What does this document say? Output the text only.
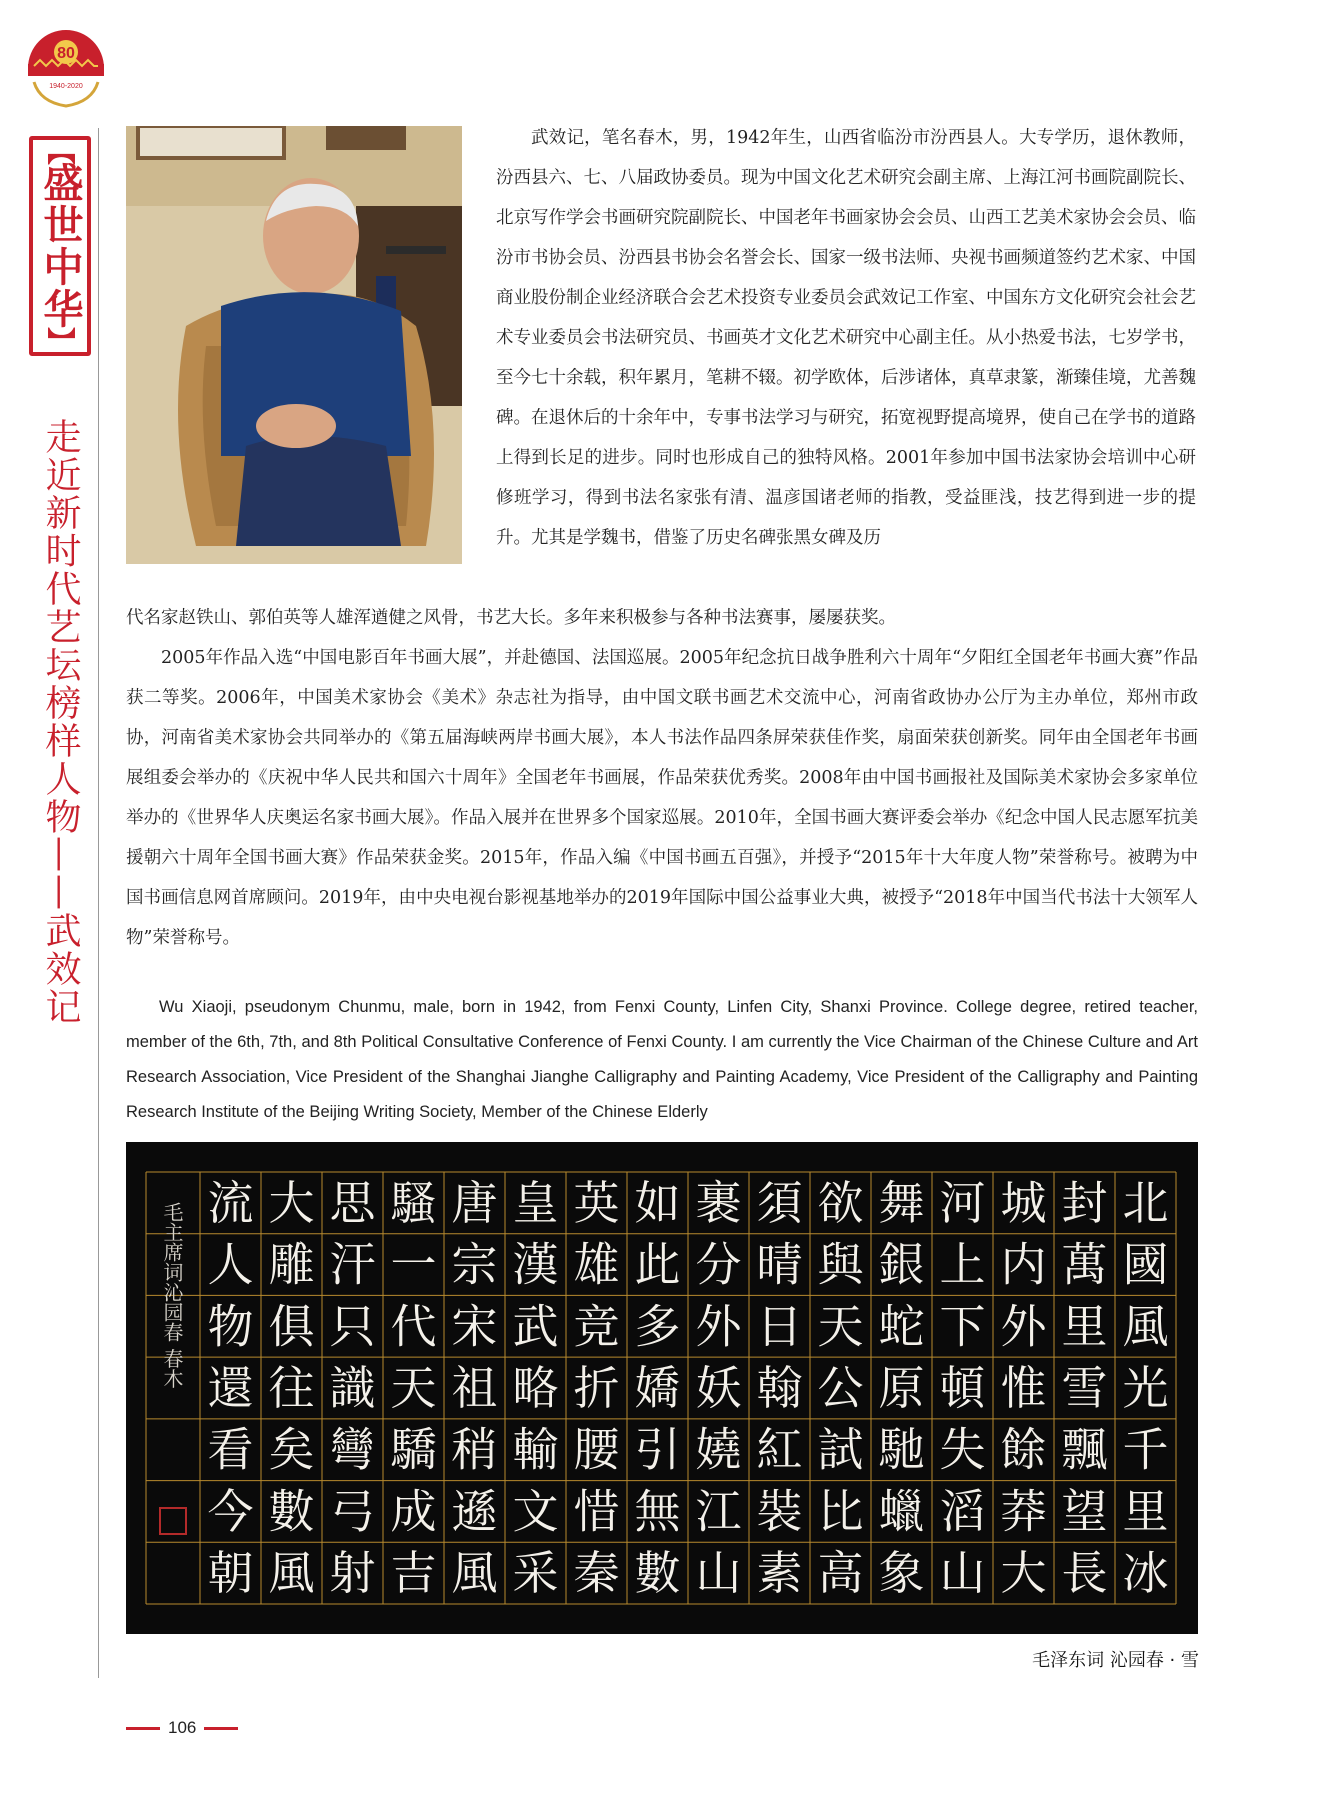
80
1940-2020
【
盛世中华
】
走近新时代艺坛榜样人物——武效记

武效记，笔名春木，男，1942年生，山西省临汾市汾西县人。大专学历，退休教师，汾西县六、七、八届政协委员。现为中国文化艺术研究会副主席、上海江河书画院副院长、北京写作学会书画研究院副院长、中国老年书画家协会会员、山西工艺美术家协会会员、临汾市书协会员、汾西县书协会名誉会长、国家一级书法师、央视书画频道签约艺术家、中国商业股份制企业经济联合会艺术投资专业委员会武效记工作室、中国东方文化研究会社会艺术专业委员会书法研究员、书画英才文化艺术研究中心副主任。从小热爱书法，七岁学书，至今七十余载，积年累月，笔耕不辍。初学欧体，后涉诸体，真草隶篆，渐臻佳境，尤善魏碑。在退休后的十余年中，专事书法学习与研究，拓宽视野提高境界，使自己在学书的道路上得到长足的进步。同时也形成自己的独特风格。2001年参加中国书法家协会培训中心研修班学习，得到书法名家张有清、温彦国诸老师的指教，受益匪浅，技艺得到进一步的提升。尤其是学魏书，借鉴了历史名碑张黑女碑及历

代名家赵铁山、郭伯英等人雄浑遒健之风骨，书艺大长。多年来积极参与各种书法赛事，屡屡获奖。

2005年作品入选“中国电影百年书画大展”，并赴德国、法国巡展。2005年纪念抗日战争胜利六十周年“夕阳红全国老年书画大赛”作品获二等奖。2006年，中国美术家协会《美术》杂志社为指导，由中国文联书画艺术交流中心，河南省政协办公厅为主办单位，郑州市政协，河南省美术家协会共同举办的《第五届海峡两岸书画大展》，本人书法作品四条屏荣获佳作奖，扇面荣获创新奖。同年由全国老年书画展组委会举办的《庆祝中华人民共和国六十周年》全国老年书画展，作品荣获优秀奖。2008年由中国书画报社及国际美术家协会多家单位举办的《世界华人庆奥运名家书画大展》。作品入展并在世界多个国家巡展。2010年，全国书画大赛评委会举办《纪念中国人民志愿军抗美援朝六十周年全国书画大赛》作品荣获金奖。2015年，作品入编《中国书画五百强》，并授予“2015年十大年度人物”荣誉称号。被聘为中国书画信息网首席顾问。2019年，由中央电视台影视基地举办的2019年国际中国公益事业大典，被授予“2018年中国当代书法十大领军人物”荣誉称号。

Wu Xiaoji, pseudonym Chunmu, male, born in 1942, from Fenxi County, Linfen City, Shanxi Province. College degree, retired teacher, member of the 6th, 7th, and 8th Political Consultative Conference of Fenxi County. I am currently the Vice Chairman of the Chinese Culture and Art Research Association, Vice President of the Shanghai Jianghe Calligraphy and Painting Academy, Vice President of the Calligraphy and Painting Research Institute of the Beijing Writing Society, Member of the Chinese Elderly
北
國
風
光
千
里
冰
封
萬
里
雪
飄
望
長
城
内
外
惟
餘
莽
大
河
上
下
頓
失
滔
山
舞
銀
蛇
原
馳
蠟
象
欲
與
天
公
試
比
高
須
晴
日
翰
紅
裝
素
裹
分
外
妖
嬈
江
山
如
此
多
嬌
引
無
數
英
雄
竞
折
腰
惜
秦
皇
漢
武
略
輸
文
采
唐
宗
宋
祖
稍
遜
風
騷
一
代
天
驕
成
吉
思
汗
只
識
彎
弓
射
大
雕
俱
往
矣
數
風
流
人
物
還
看
今
朝
毛主席词沁园春 春木
毛泽东词 沁园春 · 雪
106
